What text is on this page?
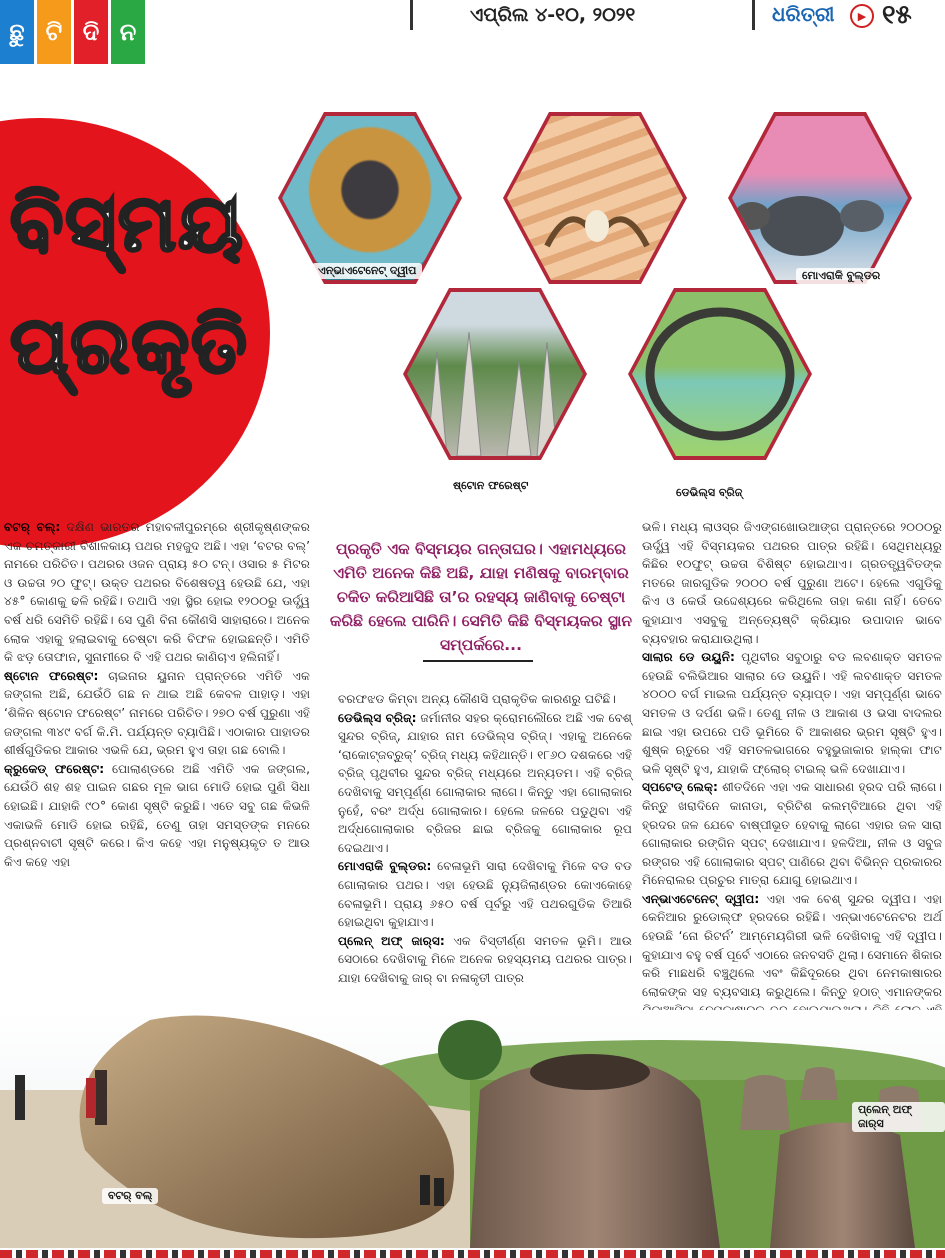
ଛୁ ଟି ଦି ନ
ଏପ୍ରିଲ ୪-୧୦, ୨୦୨୧	ଧରିତ୍ରୀ	▶ ୧୫
ବିସ୍ମୟ
ପ୍ରକୃତି
ଏନ୍‌ଭାଏଟେନେଟ୍ ଦ୍ୱୀପ	ମୋଏରାକି ବୁଲ୍ଡର
ଷ୍ଟୋନ ଫରେଷ୍ଟ
ଡେଭିଲ୍ସ ବ୍ରିଜ୍
ପ୍ରକୃତି ଏକ ବିସ୍ମୟର ଗନ୍ତାଘର। ଏହାମଧ୍ୟରେ ଏମିତି ଅନେକ କିଛି ଅଛି, ଯାହା ମଣିଷକୁ ବାରମ୍ବାର ଚକିତ କରିଆସିଛି ତା’ର ରହସ୍ୟ ଜାଣିବାକୁ ଚେଷ୍ଟା କରିଛି ହେଲେ ପାରିନି। ସେମିତି କିଛି ବିସ୍ମୟକର ସ୍ଥାନ ସମ୍ପର୍କରେ...

ବଟର୍ ବଲ୍: ଦକ୍ଷିଣ ଭାରତର ମହାବଳୀପୁରମ୍‌ରେ ଶ୍ରୀକୃଷ୍ଣଙ୍କର ଏକ ଚମତ୍କାରୀ ବିଶାଳକାୟ ପଥର ମହଜୁଦ ଅଛି। ଏହା ‘ବଟର ବଲ୍’ ନାମରେ ପରିଚିତ। ପଥରର ଓଜନ ପ୍ରାୟ ୫୦ ଟନ୍। ଓସାର ୫ ମିଟର ଓ ଉଚ୍ଚତା ୨୦ ଫୁଟ୍। ଉକ୍ତ ପଥରର ବିଶେଷତ୍ୱ ହେଉଛି ଯେ, ଏହା ୪୫° କୋଣକୁ ଢଳି ରହିଛି। ତଥାପି ଏହା ସ୍ଥିର ହୋଇ ୧୨୦୦ରୁ ଊର୍ଦ୍ଧ୍ୱ ବର୍ଷ ଧରି ସେମିତି ରହିଛି। ସେ ପୁଣି ବିନା କୌଣସି ସାହାରାରେ। ଅନେକ ଲୋକ ଏହାକୁ ହଲାଇବାକୁ ଚେଷ୍ଟା କରି ବିଫଳ ହୋଇଛନ୍ତି। ଏମିତି କି ଝଡ଼ ତୋଫାନ, ସୁନାମୀରେ ବି ଏହି ପଥର କାଣିଚାଏ ହଲିନାହିଁ।

ଷ୍ଟୋନ ଫରେଷ୍ଟ: ଚାଇନାର ୟୁନାନ ପ୍ରାନ୍ତରେ ଏମିତି ଏକ ଜଙ୍ଗଲ ଅଛି, ଯେଉଁଠି ଗଛ ନ ଥାଇ ଅଛି କେବଳ ପାହାଡ଼। ଏହା ‘ଶିଳିନ ଷ୍ଟୋନ ଫରେଷ୍ଟ’ ନାମରେ ପରିଚିତ। ୨୭୦ ବର୍ଷ ପୁରୁଣା ଏହି ଜଙ୍ଗଲ ୩୪୯ ବର୍ଗ କି.ମି. ପର୍ଯ୍ୟନ୍ତ ବ୍ୟାପିଛି। ଏଠାକାର ପାହାଡର ଶୀର୍ଷଗୁଡିକର ଆକାର ଏଭଳି ଯେ, ଭ୍ରମ ହୁଏ ତାହା ଗଛ ବୋଲି।

କ୍ରୁକେଡ୍ ଫରେଷ୍ଟ: ପୋଲାଣ୍ଡରେ ଅଛି ଏମିତି ଏକ ଜଙ୍ଗଲ, ଯେଉଁଠି ଶହ ଶହ ପାଇନ ଗଛର ମୂଳ ଭାଗ ମୋଡି ହୋଇ ପୁଣି ସିଧା ହୋଇଛି। ଯାହାକି ୯୦° କୋଣ ସୃଷ୍ଟି କରୁଛି। ଏତେ ସବୁ ଗଛ କିଭଳି ଏକାଭଳି ମୋଡି ହୋଇ ରହିଛି, ତେଣୁ ତାହା ସମସ୍ତଙ୍କ ମନରେ ପ୍ରଶ୍ନବାଚୀ ସୃଷ୍ଟି କରେ। କିଏ କହେ ଏହା ମନୁଷ୍ୟକୃତ ତ ଆଉ କିଏ କହେ ଏହା

ବରଫଝଡ କିମ୍ବା ଅନ୍ୟ କୌଣସି ପ୍ରାକୃତିକ କାରଣରୁ ଘଟିଛି।

ଡେଭିଲ୍ସ ବ୍ରିଜ୍: ଜର୍ମାନୀର ସହର କ୍ରୋମଲୌରେ ଅଛି ଏକ ବେଶ୍ ସୁନ୍ଦର ବ୍ରିଜ୍, ଯାହାର ନାମ ଡେଭିଲ୍ସ ବ୍ରିଜ୍। ଏହାକୁ ଅନେକେ ‘ରାକୋଟ୍ଜବ୍ରୁକ୍’ ବ୍ରିଜ୍ ମଧ୍ୟ କହିଥାନ୍ତି। ୧୮୬୦ ଦଶକରେ ଏହି ବ୍ରିଜ୍ ପୃଥିବୀର ସୁନ୍ଦର ବ୍ରିଜ୍ ମଧ୍ୟରେ ଅନ୍ୟତମ। ଏହି ବ୍ରିଜ୍ ଦେଖିବାକୁ ସମ୍ପୂର୍ଣ୍ଣ ଗୋଲାକାର ଲାଗେ। କିନ୍ତୁ ଏହା ଗୋଲାକାର ନୁହେଁ, ବରଂ ଅର୍ଦ୍ଧ ଗୋଲାକାର। ହେଲେ ଜଳରେ ପଡୁଥିବା ଏହି ଅର୍ଦ୍ଧଗୋଲାକାର ବ୍ରିଜର ଛାଇ ବ୍ରିଜକୁ ଗୋଲାକାର ରୂପ ଦେଇଥାଏ।

ମୋଏରାକି ବୁଲ୍ଡର: ବେଳାଭୂମି ସାରା ଦେଖିବାକୁ ମିଳେ ବଡ ବଡ ଗୋଲାକାର ପଥର। ଏହା ହେଉଛି ନ୍ୟୁଜିଲାଣ୍ଡର କୋଏକୋହେ ବେଳାଭୂମି। ପ୍ରାୟ ୬୫୦ ବର୍ଷ ପୂର୍ବରୁ ଏହି ପଥରଗୁଡିକ ତିଆରି ହୋଇଥିବା କୁହାଯାଏ।

ପ୍ଲେନ୍ ଅଫ୍ ଜାର୍‌ସ: ଏକ ବିସ୍ତୀର୍ଣ୍ଣ ସମତଳ ଭୂମି। ଆଉ ସେଠାରେ ଦେଖିବାକୁ ମିଳେ ଅନେକ ରହସ୍ୟମୟ ପଥରର ପାତ୍ର। ଯାହା ଦେଖିବାକୁ ଜାର୍ ବା ନଳାକୃତୀ ପାତ୍ର

ଭଳି। ମଧ୍ୟ ଲାଓସ୍‌ର ଜିଏଙ୍ଗଖୋଉଆଙ୍ଗ ପ୍ରାନ୍ତରେ ୨୦୦୦ରୁ ଊର୍ଦ୍ଧ୍ୱ ଏହି ବିସ୍ମୟକର ପଥରର ପାତ୍ର ରହିଛି। ସେଥିମଧ୍ୟରୁ କିଛିର ୧୦ଫୁଟ୍ ଉଚ୍ଚତା ବିଶିଷ୍ଟ ହୋଇଥାଏ। ଗ୍ରତତ୍ତ୍ୱବିତଙ୍କ ମତରେ ଜାରଗୁଡିକ ୨୦୦୦ ବର୍ଷ ପୁରୁଣା ଅଟେ। ହେଲେ ଏଗୁଡିକୁ କିଏ ଓ କେଉଁ ଉଦ୍ଦେଶ୍ୟରେ କରିଥିଲେ ତାହା କଣା ନାହିଁ। ତେବେ କୁହାଯାଏ ଏସବୁକୁ ଅନ୍ତ୍ୟେଷ୍ଟି କ୍ରିୟାର ଉପାଦାନ ଭାବେ ବ୍ୟବହାର କରାଯାଉଥିଲା।

ସାଲାର ଡେ ଉୟୁନି: ପୃଥିବୀର ସବୁଠାରୁ ବଡ ଲବଣାକ୍ତ ସମତଳ ହେଉଛି ବଲିଭିଆର ସାଲାର ଡେ ଉୟୁନି। ଏହି ଲବଣାକ୍ତ ସମତଳ ୪୦୦୦ ବର୍ଗ ମାଇଲ ପର୍ଯ୍ୟନ୍ତ ବ୍ୟାପ୍ତ। ଏହା ସମ୍ପୂର୍ଣ୍ଣ ଭାବେ ସମତଳ ଓ ଦର୍ପଣ ଭଳି। ତେଣୁ ନୀଳ ଓ ଆକାଶ ଓ ଭସା ବାଦଲର ଛାଇ ଏହା ଉପରେ ପଡି ଭୂମିରେ ବି ଆକାଶର ଭ୍ରମ ସୃଷ୍ଟି ହୁଏ। ଶୁଷ୍କ ଋତୁରେ ଏହି ସମତଳଭାଗରେ ବହୁଭୁଜାକାର ହାଲ୍କା ଫାଟ ଭଳି ସୃଷ୍ଟି ହୁଏ, ଯାହାକି ଫ୍ଲୋର୍ ଟାଇଲ୍ ଭଳି ଦେଖାଯାଏ।

ସ୍ପଟେଡ୍ ଲେକ୍: ଶୀତଦିନେ ଏହା ଏକ ସାଧାରଣ ହ୍ରଦ ପରି ଲାଗେ। କିନ୍ତୁ ଖରାଦିନେ କାନାଡା, ବ୍ରିଟିଶ କଲମ୍ବିଆରେ ଥିବା ଏହି ହ୍ରଦର ଜଳ ଯେବେ ବାଷ୍ପୀଭୂତ ହେବାକୁ ଲାଗେ ଏହାର ଜଳ ସାରା ଗୋଲାକାର ରଙ୍ଗିନ ସ୍ପଟ୍ ଦେଖାଯାଏ। ହଳଦିଆ, ନୀଳ ଓ ସବୁଜ ରଙ୍ଗର ଏହି ଗୋଲାକାର ସ୍ପଟ୍ ପାଣିରେ ଥିବା ବିଭିନ୍ନ ପ୍ରକାରର ମିନେରାଲର ପ୍ରଚୁର ମାତ୍ରା ଯୋଗୁ ହୋଇଥାଏ।

ଏନ୍‌ଭାଏଟେନେଟ୍ ଦ୍ୱୀପ: ଏହା ଏକ ବେଶ୍ ସୁନ୍ଦର ଦ୍ୱୀପ। ଏହା କେନିଆର ରୁଡୋଲ୍ଫ ହ୍ରଦରେ ରହିଛି। ଏନ୍‌ଭାଏଟେନେଟର ଅର୍ଥ ହେଉଛି ‘ନୋ ରିଟର୍ନ’ ଆମ୍ମେୟଗିରୀ ଭଳି ଦେଖିବାକୁ ଏହି ଦ୍ୱୀପ। କୁହାଯାଏ ବହୁ ବର୍ଷ ପୂର୍ବେ ଏଠାରେ ଜନବସତି ଥିଲା। ସେମାନେ ଶିକାର କରି ମାଛଧରି ବଞ୍ଚୁଥିଲେ ଏବଂ କିଛିଦୂରରେ ଥିବା ନେମକାଷାରର ଲୋକଙ୍କ ସହ ବ୍ୟବସାୟ କରୁଥିଲେ। କିନ୍ତୁ ହଠାତ୍ ଏମାନଙ୍କର

ବଟର୍ ବଲ୍
ପ୍ଲେନ୍ ଅଫ୍ ଜାର୍‌ସ
